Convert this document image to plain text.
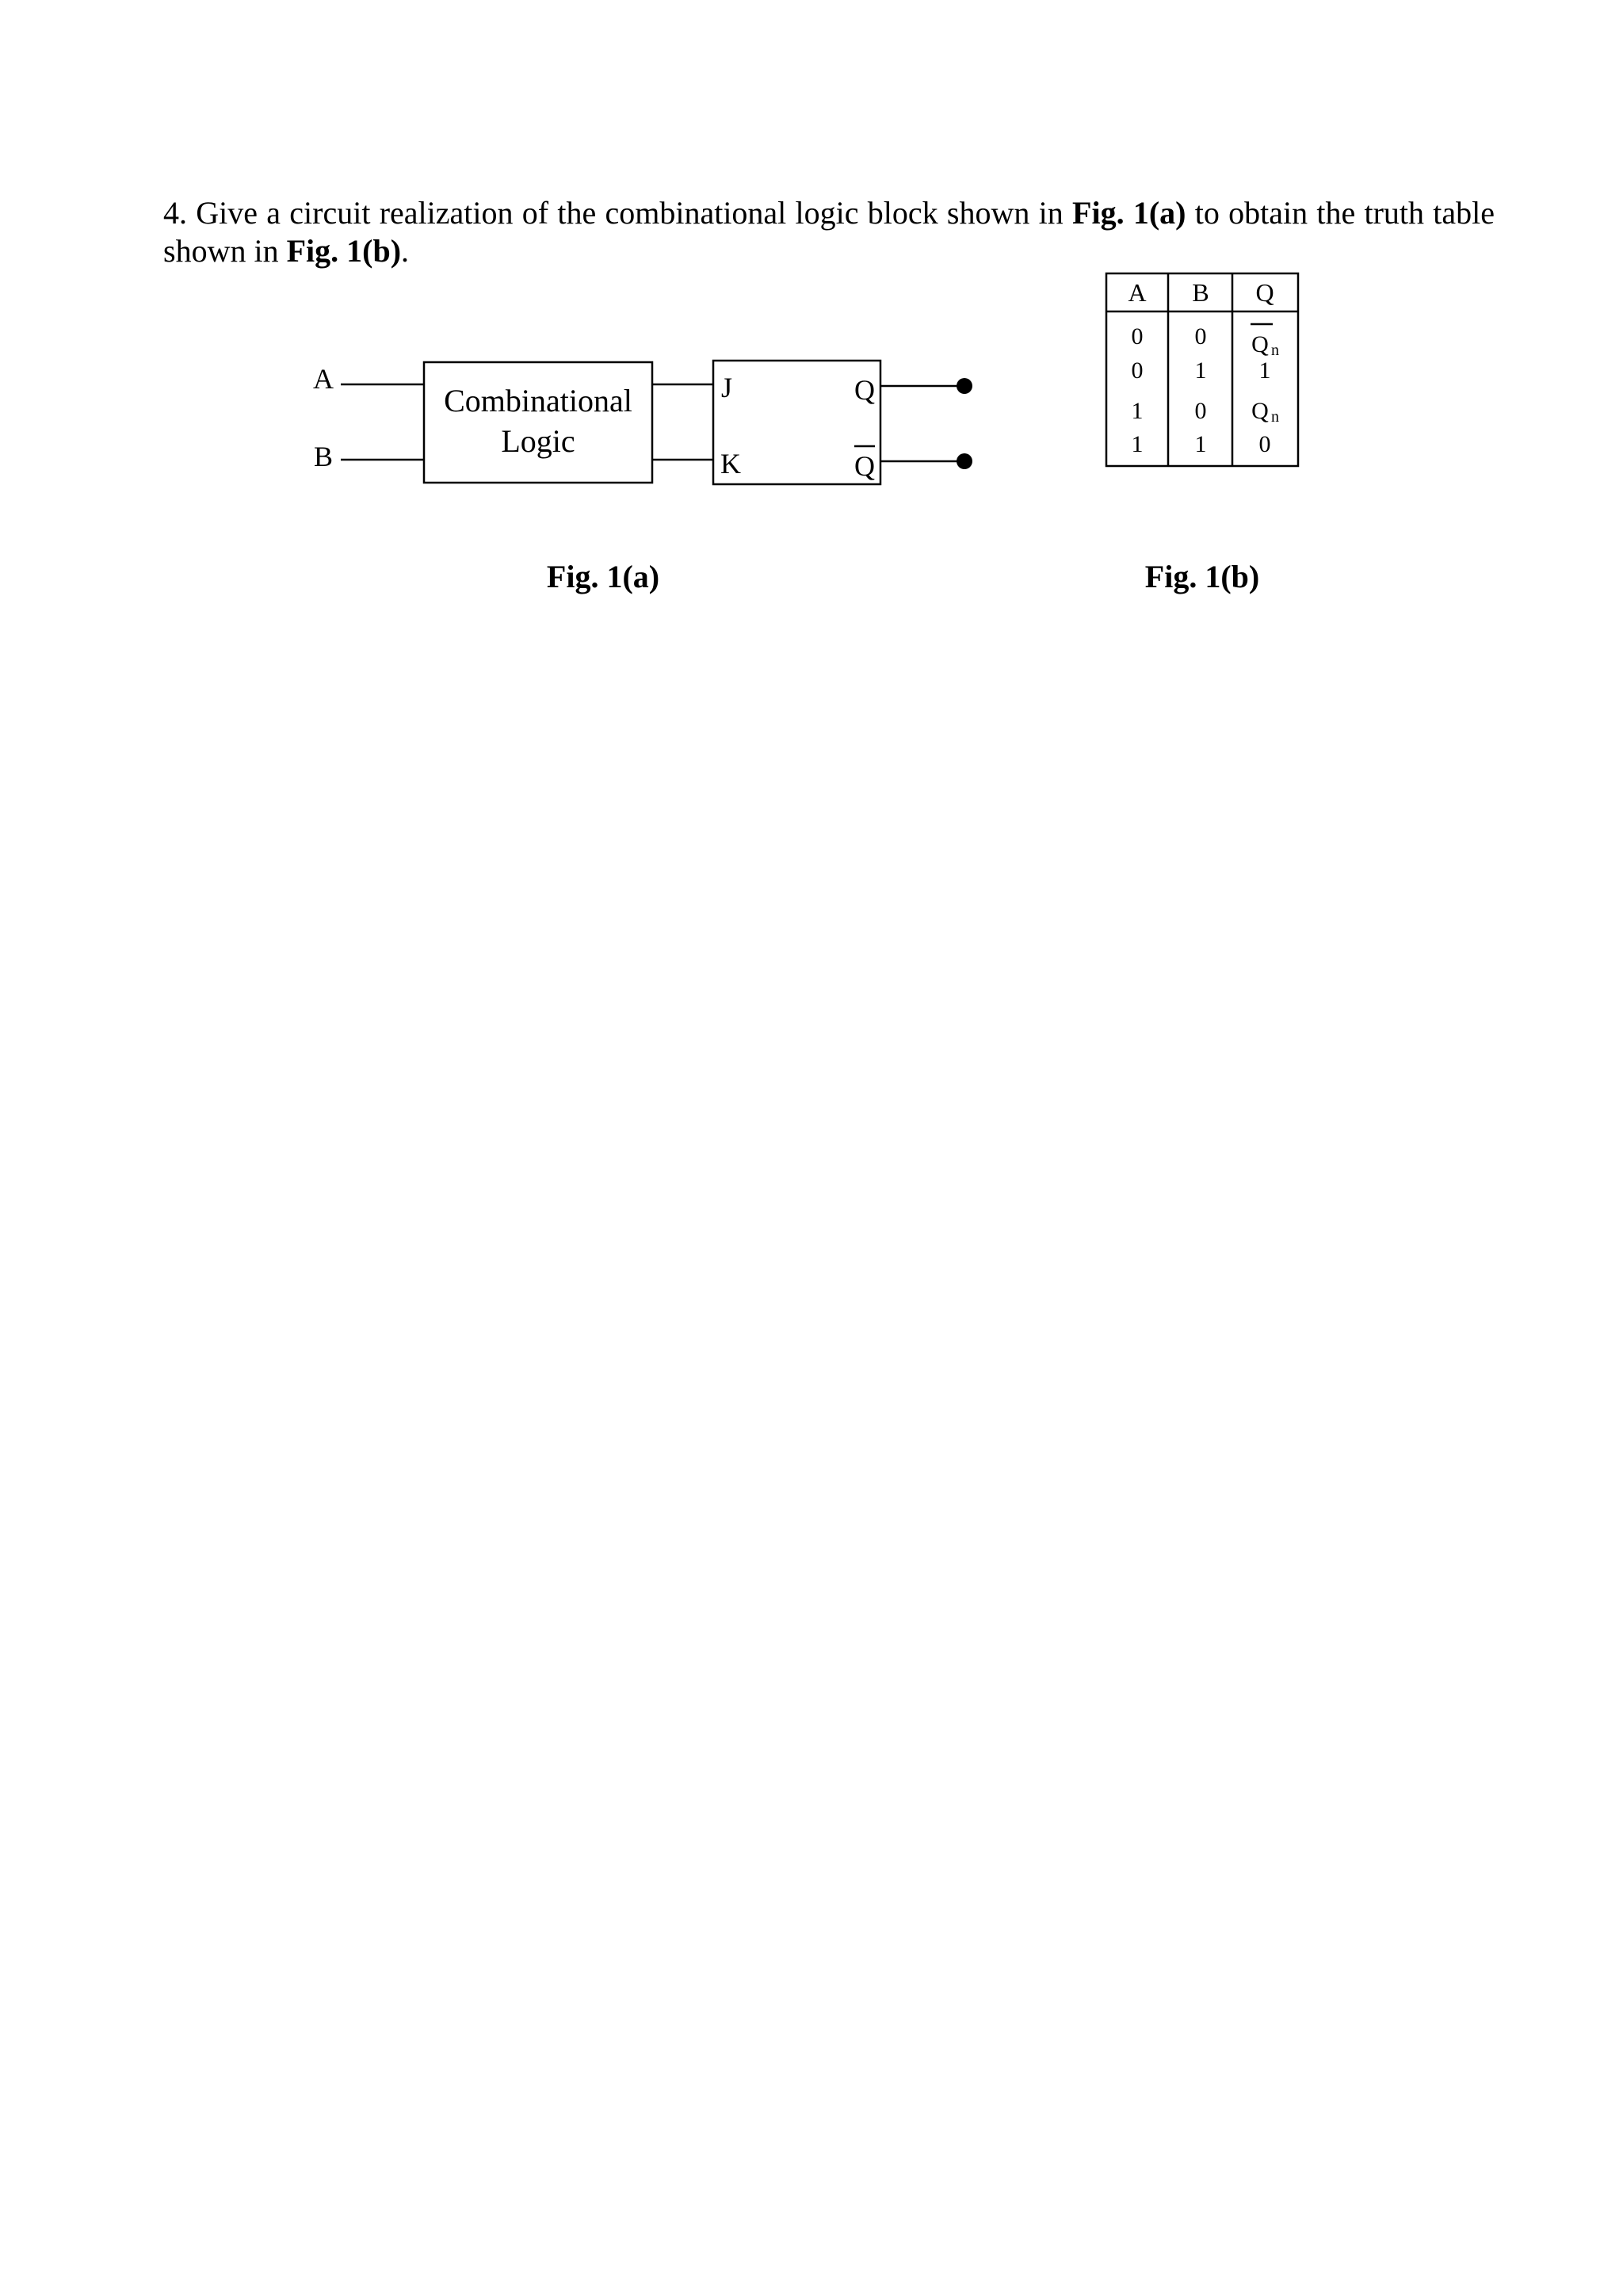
4. Give a circuit realization of the combinational logic block shown in Fig. 1(a) to obtain the truth table shown in Fig. 1(b).
A
B
Combinational
Logic
J
K
Q
Q
Fig. 1(a)
A B Q
0 0 Q n
0 1 1
1 0 Q n
1 1 0
Fig. 1(b)
